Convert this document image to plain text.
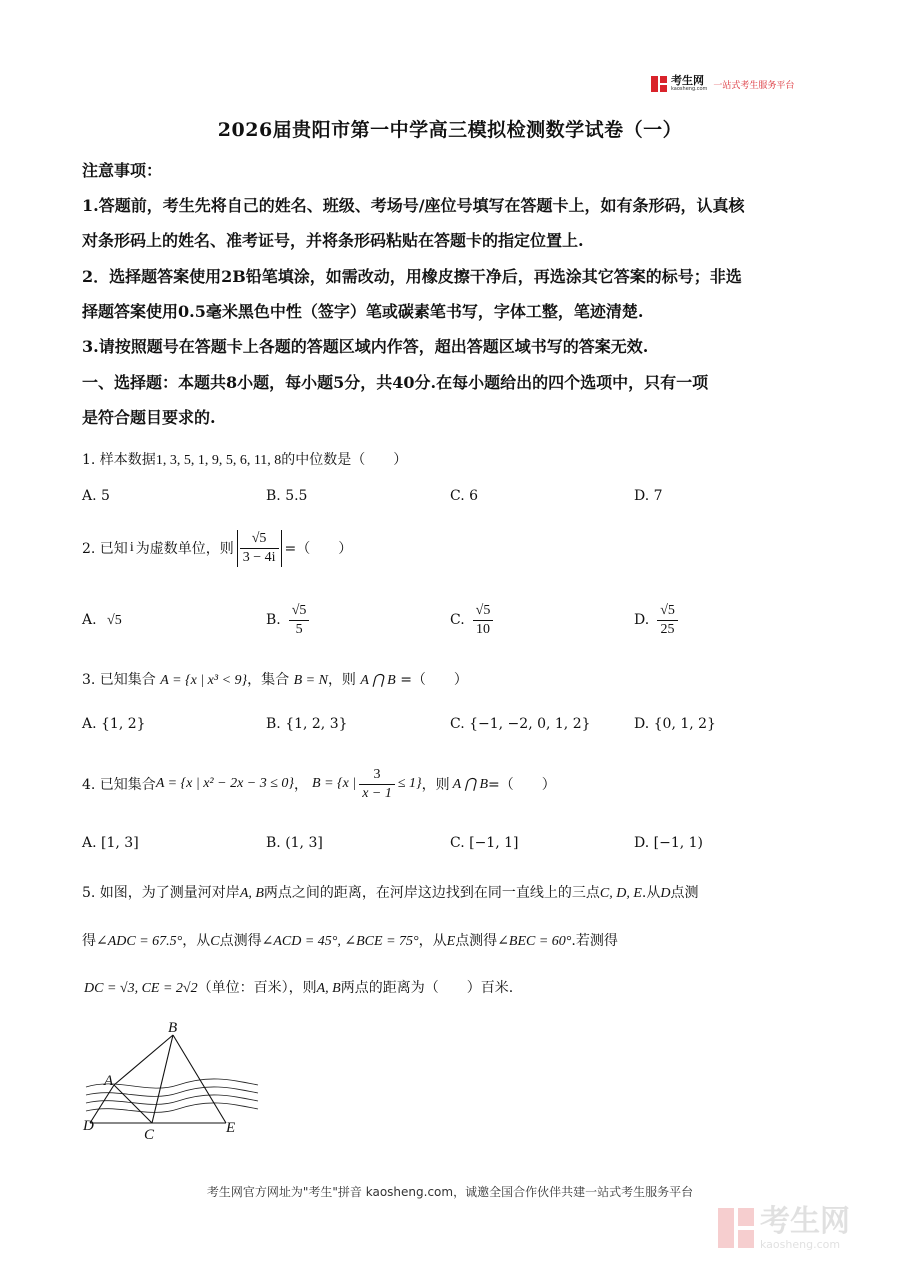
考生网
kaosheng.com 一站式考生服务平台
2026届贵阳市第一中学高三模拟检测数学试卷（一）
注意事项：
1.答题前，考生先将自己的姓名、班级、考场号/座位号填写在答题卡上，如有条形码，认真核
对条形码上的姓名、准考证号，并将条形码粘贴在答题卡的指定位置上.
2．选择题答案使用2B铅笔填涂，如需改动，用橡皮擦干净后，再选涂其它答案的标号；非选
择题答案使用0.5毫米黑色中性（签字）笔或碳素笔书写，字体工整，笔迹清楚.
3.请按照题号在答题卡上各题的答题区域内作答，超出答题区域书写的答案无效.
一、选择题：本题共8小题，每小题5分，共40分.在每小题给出的四个选项中，只有一项
是符合题目要求的.
1. 样本数据1, 3, 5, 1, 9, 5, 6, 11, 8的中位数是（　　）
A. 5	B. 5.5	C. 6	D. 7
2. 已知 i 为虚数单位，则 $\frac{√5}{3 - 4i}$ =（　　）
A. √5	B. $\frac{√5}{5}$	C. $\frac{√5}{10}$	D. $\frac{√5}{25}$
3. 已知集合 A = {x | x³ < 9}，集合 B = N，则 A ⋂ B =（　　）
A. {1, 2}	B. {1, 2, 3}	C. {−1, −2, 0, 1, 2}	D. {0, 1, 2}
4. 已知集合 A = {x | x² − 2x − 3 ≤ 0} ， B = {x | $\frac{3}{x - 1} \le 1$} ，则 A ⋂ B =（　　）
A. [1, 3]	B. (1, 3]	C. [−1, 1]	D. [−1, 1)
5. 如图，为了测量河对岸A, B两点之间的距离，在河岸这边找到在同一直线上的三点C, D, E.从D点测
得∠ADC = 67.5°，从C点测得∠ACD = 45°, ∠BCE = 75°，从E点测得∠BEC = 60°.若测得
DC = √3, CE = 2√2（单位：百米），则A, B两点的距离为（　　）百米.
A
B
C
D	E
考生网官方网址为"考生"拼音 kaosheng.com，诚邀全国合作伙伴共建一站式考生服务平台
考生网
kaosheng.com
